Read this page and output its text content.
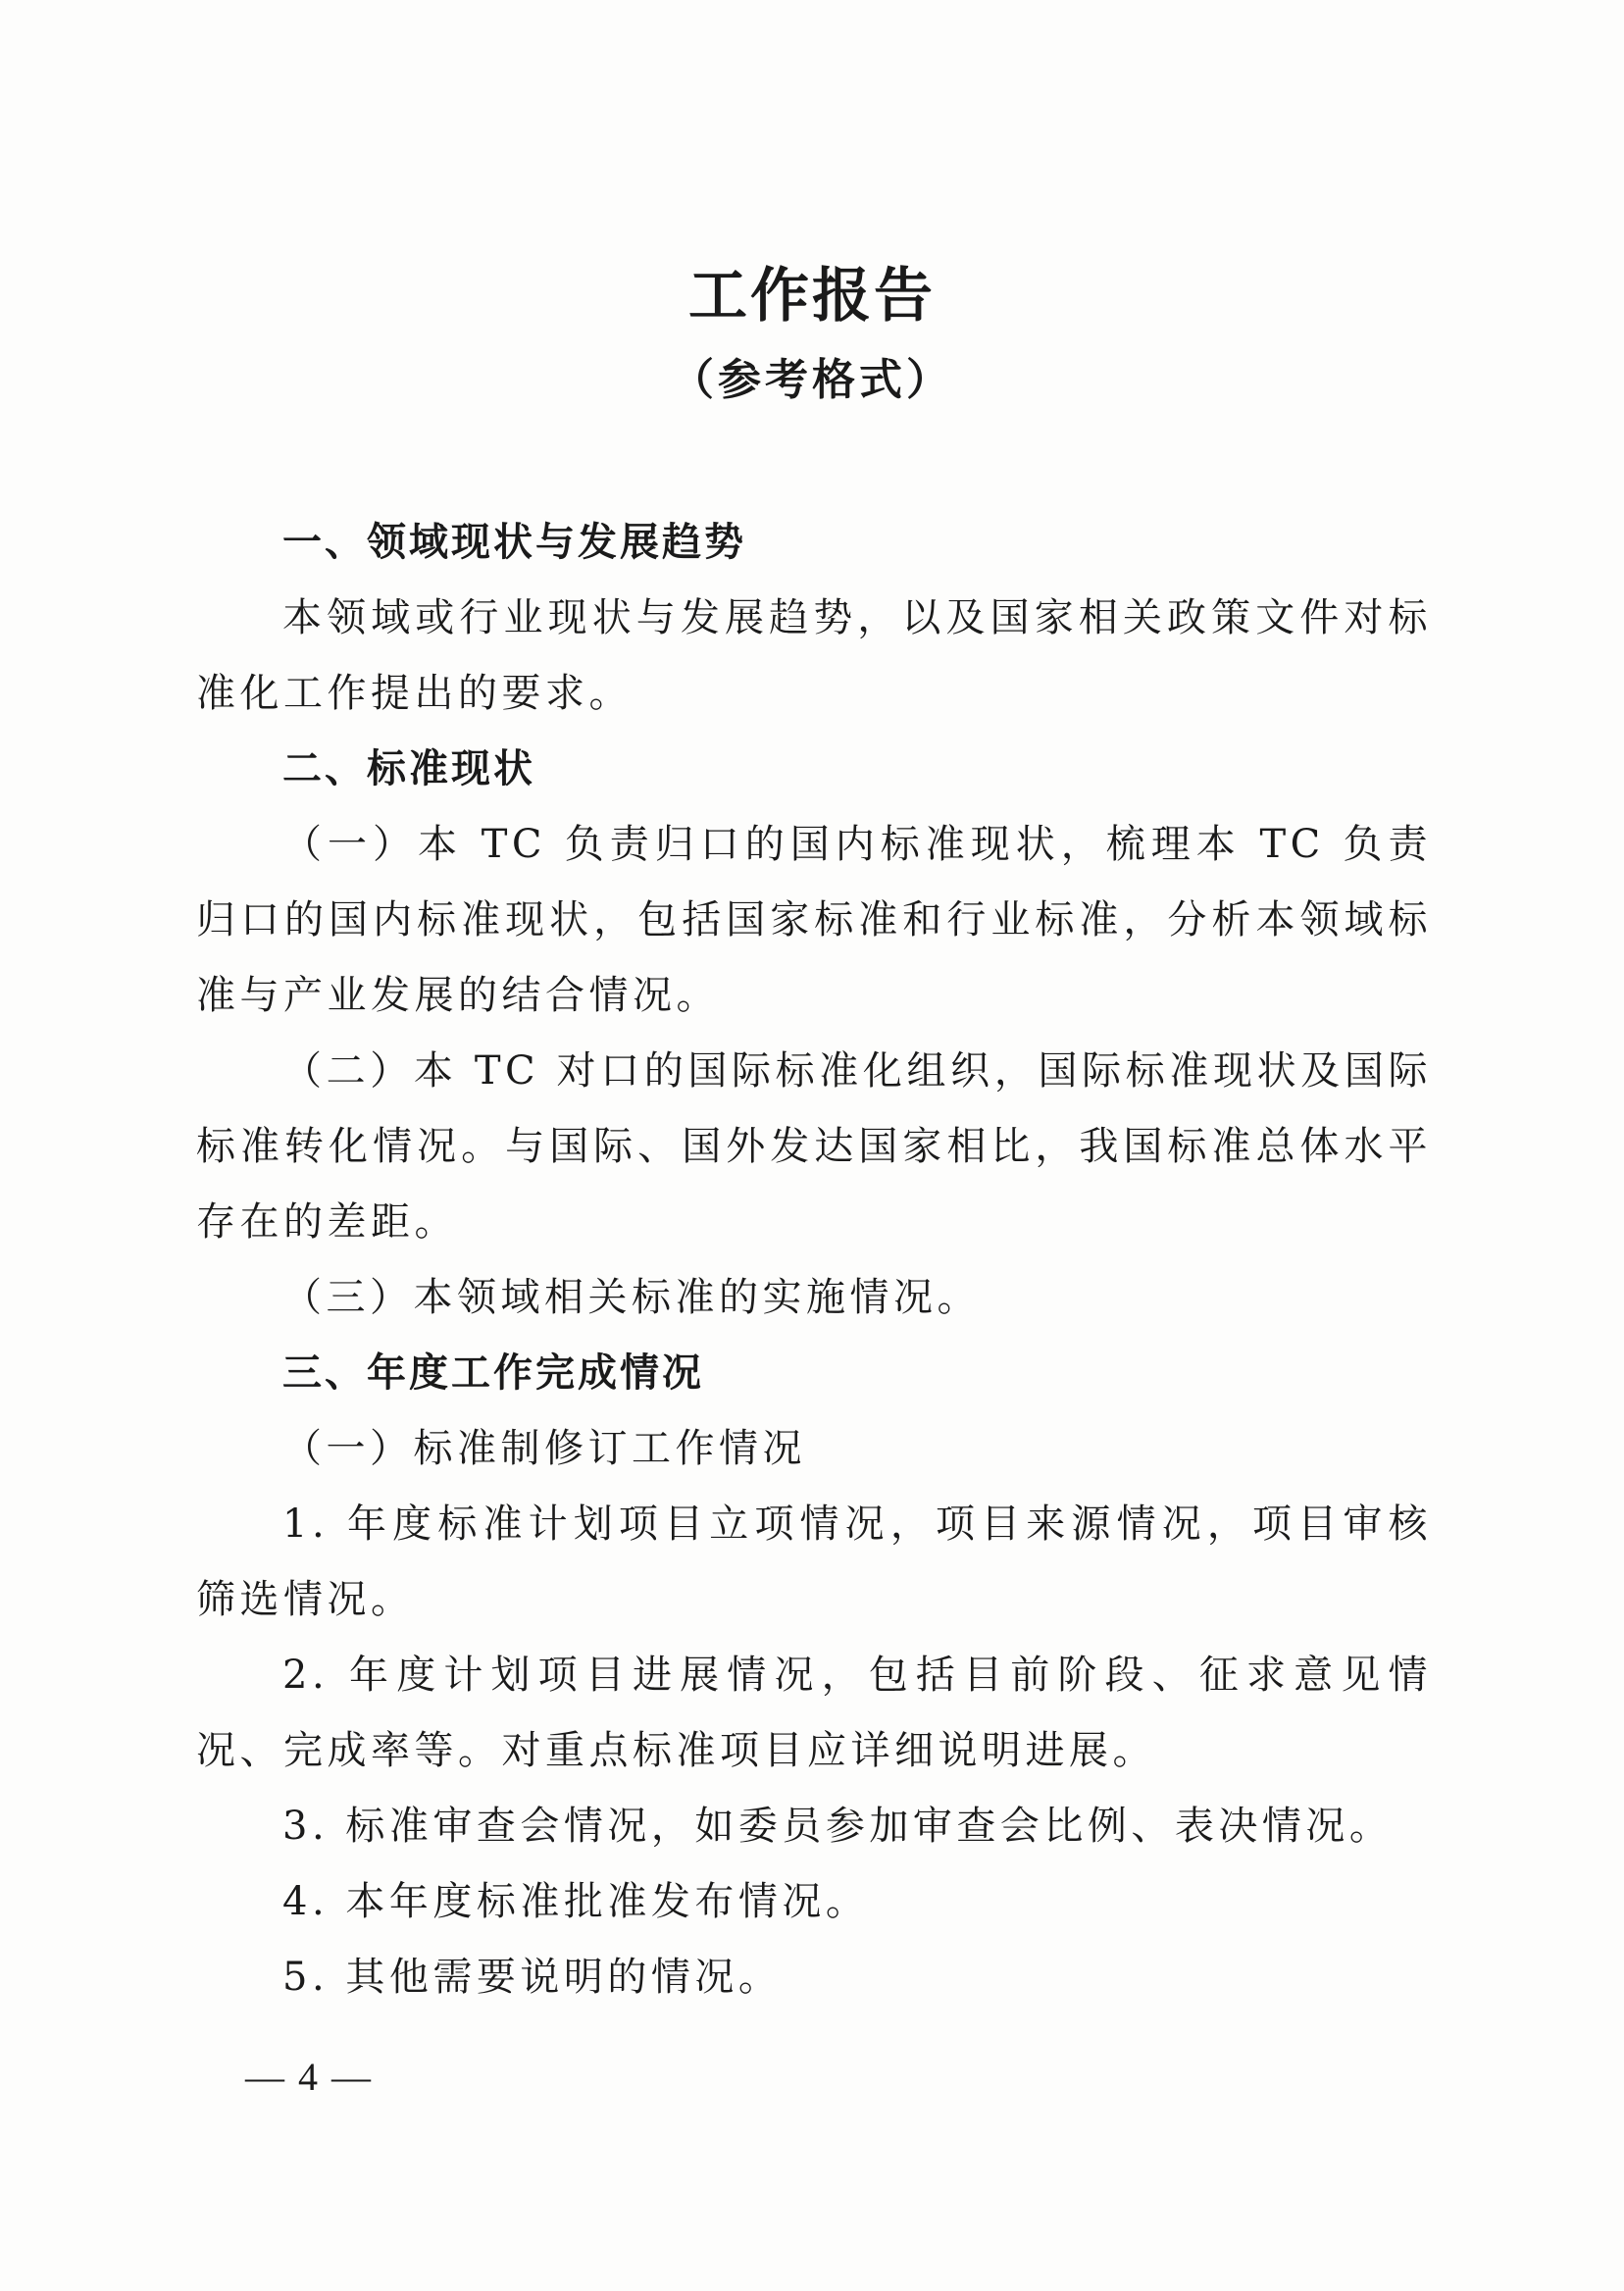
工作报告
（参考格式）

一、领域现状与发展趋势

本领域或行业现状与发展趋势，以及国家相关政策文件对标准化工作提出的要求。

二、标准现状

（一）本 TC 负责归口的国内标准现状，梳理本 TC 负责归口的国内标准现状，包括国家标准和行业标准，分析本领域标准与产业发展的结合情况。

（二）本 TC 对口的国际标准化组织，国际标准现状及国际标准转化情况。与国际、国外发达国家相比，我国标准总体水平存在的差距。

（三）本领域相关标准的实施情况。

三、年度工作完成情况

（一）标准制修订工作情况

1. 年度标准计划项目立项情况，项目来源情况，项目审核筛选情况。

2. 年度计划项目进展情况，包括目前阶段、征求意见情况、完成率等。对重点标准项目应详细说明进展。

3. 标准审查会情况，如委员参加审查会比例、表决情况。

4. 本年度标准批准发布情况。

5. 其他需要说明的情况。

— 4 —
